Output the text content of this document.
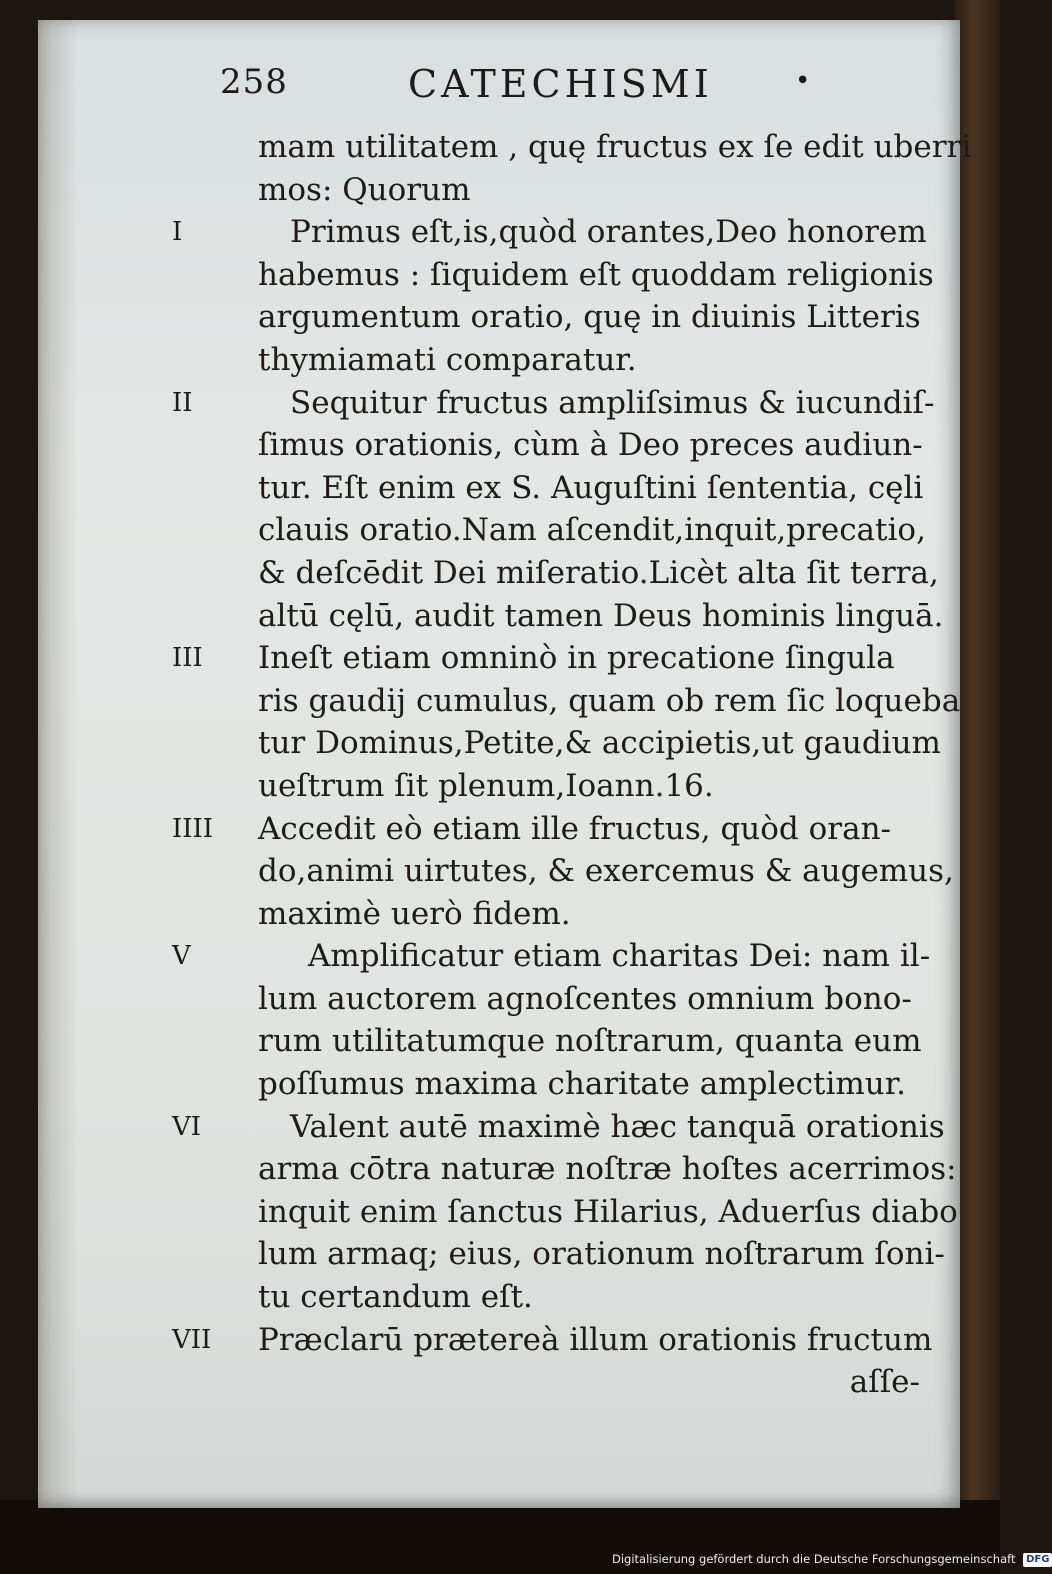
258	CATECHISMI	•
mam utilitatem , quę fructus ex ſe edit uberri
mos: Quorum
I	Primus eſt,is,quòd orantes,Deo honorem
habemus : ſiquidem eſt quoddam religionis
argumentum oratio, quę in diuinis Litteris
thymiamati comparatur.
II	Sequitur fructus ampliſsimus & iucundiſ-
ſimus orationis, cùm à Deo preces audiun-
tur. Eſt enim ex S. Auguſtini ſententia, cęli
clauis oratio.Nam aſcendit,inquit,precatio,
& deſcēdit Dei miſeratio.Licèt alta ſit terra,
altū cęlū, audit tamen Deus hominis linguā.
III	Ineſt etiam omninò in precatione ſingula
ris gaudij cumulus, quam ob rem ſic loqueba
tur Dominus,Petite,& accipietis,ut gaudium
ueſtrum ſit plenum,Ioann.16.
IIII	Accedit eò etiam ille fructus, quòd oran-
do,animi uirtutes, & exercemus & augemus,
maximè uerò fidem.
V	Amplificatur etiam charitas Dei: nam il-
lum auctorem agnoſcentes omnium bono-
rum utilitatumque noſtrarum, quanta eum
poſſumus maxima charitate amplectimur.
VI	Valent autē maximè hæc tanquā orationis
arma cōtra naturæ noſtræ hoſtes acerrimos:
inquit enim ſanctus Hilarius, Aduerſus diabo
lum armaq; eius, orationum noſtrarum ſoni-
tu certandum eſt.
VII	Præclarū prætereà illum orationis fructum
aſſe-
Digitalisierung gefördert durch die Deutsche Forschungsgemeinschaft DFG
